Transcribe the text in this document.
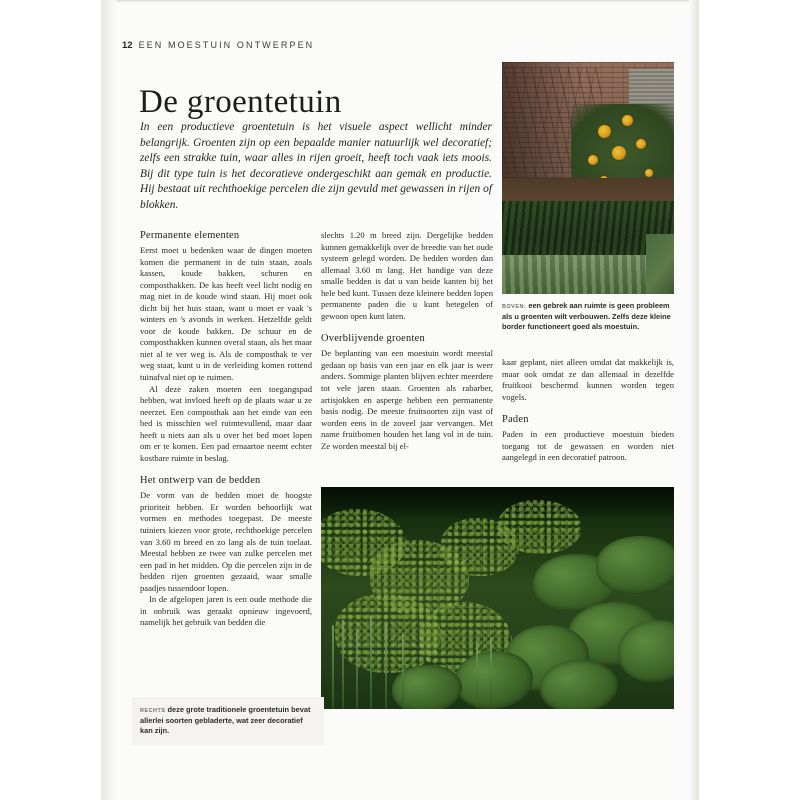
12 EEN MOESTUIN ONTWERPEN
De groentetuin
In een productieve groentetuin is het visuele aspect wellicht minder belangrijk. Groenten zijn op een bepaalde manier natuurlijk wel decoratief; zelfs een strakke tuin, waar alles in rijen groeit, heeft toch vaak iets moois. Bij dit type tuin is het decoratieve ondergeschikt aan gemak en productie. Hij bestaat uit rechthoekige percelen die zijn gevuld met gewassen in rijen of blokken.
Permanente elementen

Eerst moet u bedenken waar de dingen moeten komen die permanent in de tuin staan, zoals kassen, koude bakken, schuren en composthakken. De kas heeft veel licht nodig en mag niet in de koude wind staan. Hij moet ook dicht bij het huis staan, want u moet er vaak 's winters en 's avonds in werken. Hetzelfde geldt voor de koude bakken. De schuur en de composthakken kunnen overal staan, als het maar niet al te ver weg is. Als de composthak te ver weg staat, kunt u in de verleiding komen rottend tuinafval niet op te ruimen.

Al deze zaken moeten een toegangspad hebben, wat invloed heeft op de plaats waar u ze neerzet. Een composthak aan het einde van een bed is misschien wel ruimtevullend, maar daar heeft u niets aan als u over het bed moet lopen om er te komen. Een pad ernaartoe neemt echter kostbare ruimte in beslag.

Het ontwerp van de bedden

De vorm van de bedden moet de hoogste prioriteit hebben. Er worden behoorlijk wat vormen en methodes toegepast. De meeste tuiniers kiezen voor grote, rechthoekige percelen van 3.60 m breed en zo lang als de tuin toelaat. Meestal hebben ze twee van zulke percelen met een pad in het midden. Op die percelen zijn in de bedden rijen groenten gezaaid, waar smalle paadjes tussendoor lopen.

In de afgelopen jaren is een oude methode die in onbruik was geraakt opnieuw ingevoerd, namelijk het gebruik van bedden die

slechts 1.20 m breed zijn. Dergelijke bedden kunnen gemakkelijk over de breedte van het oude systeem gelegd worden. De bedden worden dan allemaal 3.60 m lang. Het handige van deze smalle bedden is dat u van beide kanten bij het hele bed kunt. Tussen deze kleinere bedden lopen permanente paden die u kunt betegelen of gewoon open kunt laten.

Overblijvende groenten

De beplanting van een moestuin wordt meestal gedaan op basis van een jaar en elk jaar is weer anders. Sommige planten blijven echter meerdere tot vele jaren staan. Groenten als rabarber, artisjokken en asperge hebben een permanente basis nodig. De meeste fruitsoorten zijn vast of worden eens in de zoveel jaar vervangen. Met name fruitbomen houden het lang vol in de tuin. Ze worden meestal bij el-

kaar geplant, niet alleen omdat dat makkelijk is, maar ook omdat ze dan allemaal in dezelfde fruitkooi beschermd kunnen worden tegen vogels.

Paden

Paden in een productieve moestuin bieden toegang tot de gewassen en worden niet aangelegd in een decoratief patroon.

BOVEN: een gebrek aan ruimte is geen probleem als u groenten wilt verbouwen. Zelfs deze kleine border functioneert goed als moestuin.
RECHTS deze grote traditionele groentetuin bevat allerlei soorten gebladerte, wat zeer decoratief kan zijn.
